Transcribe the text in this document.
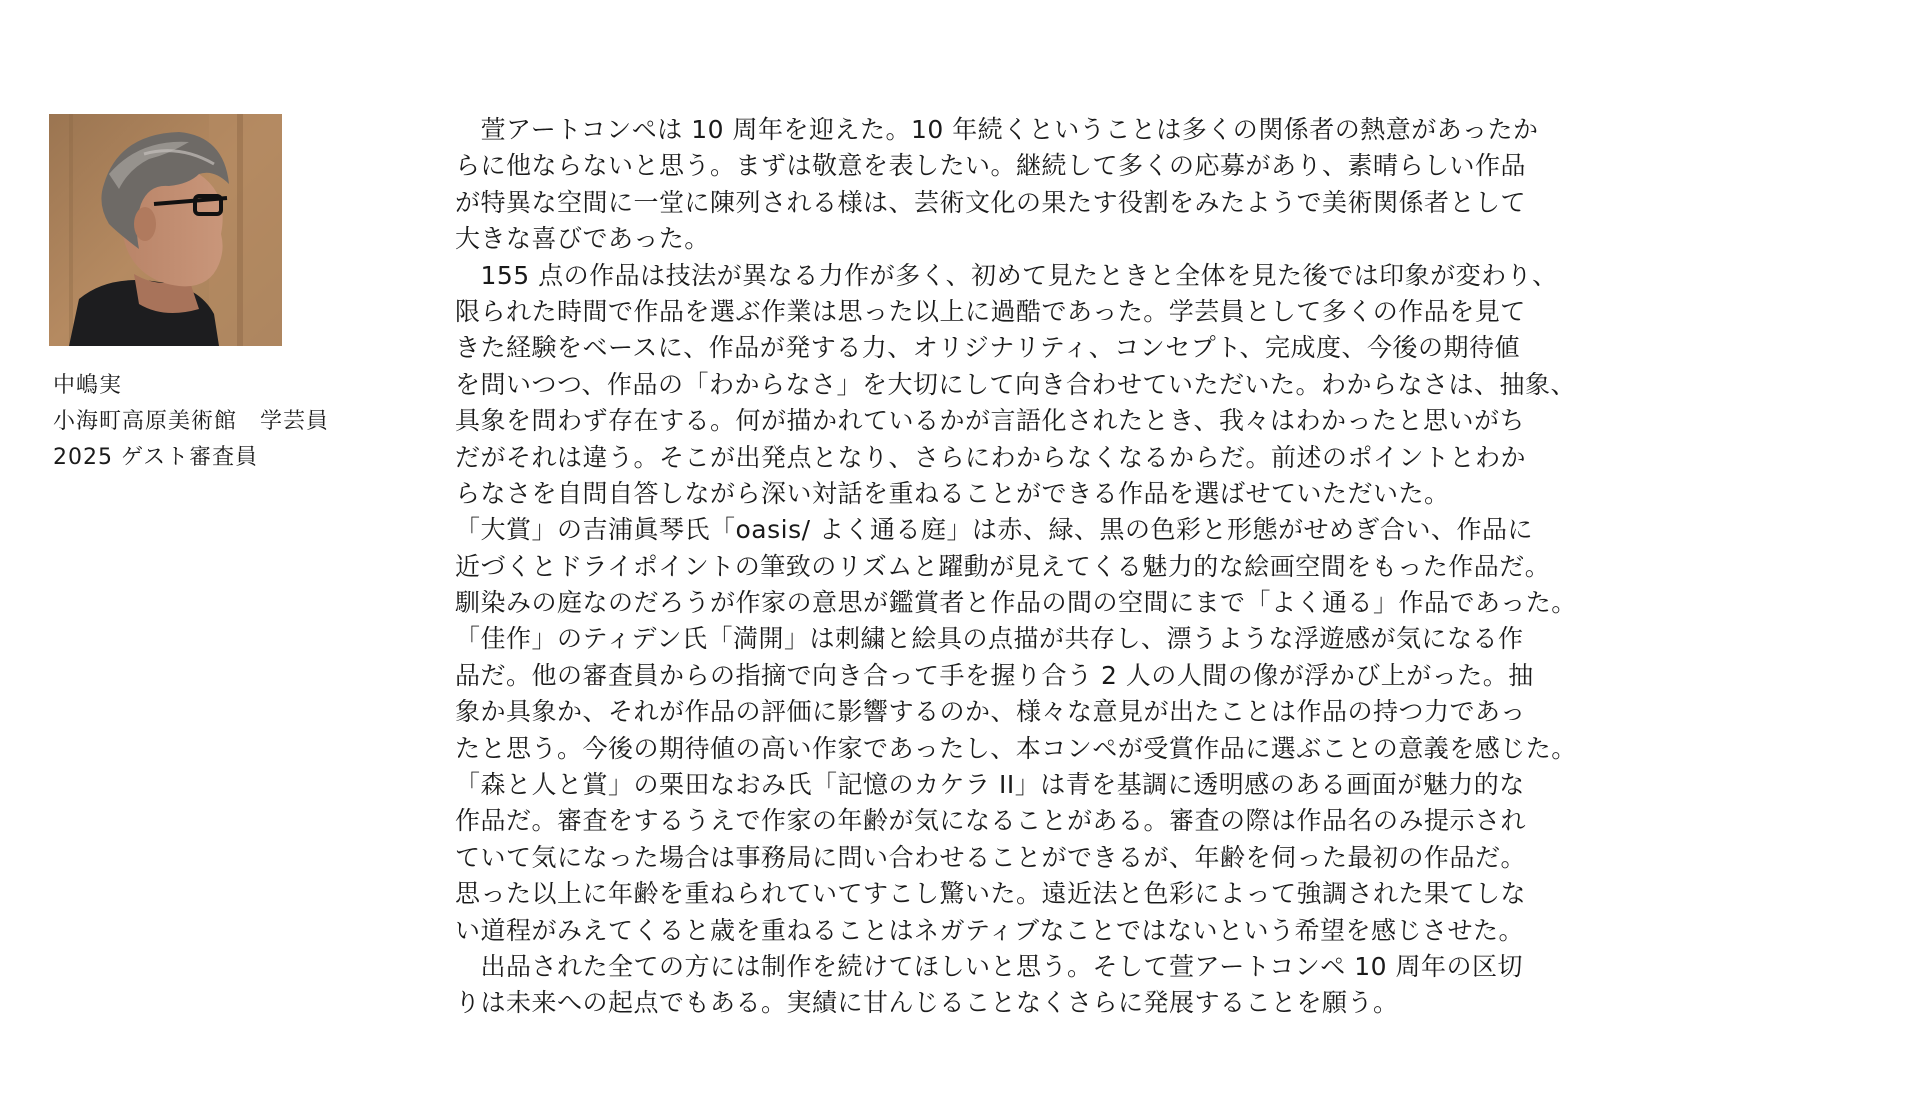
中嶋実
小海町高原美術館　学芸員
2025 ゲスト審査員
　萱アートコンペは 10 周年を迎えた。10 年続くということは多くの関係者の熱意があったか
らに他ならないと思う。まずは敬意を表したい。継続して多くの応募があり、素晴らしい作品
が特異な空間に一堂に陳列される様は、芸術文化の果たす役割をみたようで美術関係者として
大きな喜びであった。
　155 点の作品は技法が異なる力作が多く、初めて見たときと全体を見た後では印象が変わり、
限られた時間で作品を選ぶ作業は思った以上に過酷であった。学芸員として多くの作品を見て
きた経験をベースに、作品が発する力、オリジナリティ、コンセプト、完成度、今後の期待値
を問いつつ、作品の「わからなさ」を大切にして向き合わせていただいた。わからなさは、抽象、
具象を問わず存在する。何が描かれているかが言語化されたとき、我々はわかったと思いがち
だがそれは違う。そこが出発点となり、さらにわからなくなるからだ。前述のポイントとわか
らなさを自問自答しながら深い対話を重ねることができる作品を選ばせていただいた。
「大賞」の吉浦眞琴氏「oasis/ よく通る庭」は赤、緑、黒の色彩と形態がせめぎ合い、作品に
近づくとドライポイントの筆致のリズムと躍動が見えてくる魅力的な絵画空間をもった作品だ。
馴染みの庭なのだろうが作家の意思が鑑賞者と作品の間の空間にまで「よく通る」作品であった。
「佳作」のティデン氏「満開」は刺繍と絵具の点描が共存し、漂うような浮遊感が気になる作
品だ。他の審査員からの指摘で向き合って手を握り合う 2 人の人間の像が浮かび上がった。抽
象か具象か、それが作品の評価に影響するのか、様々な意見が出たことは作品の持つ力であっ
たと思う。今後の期待値の高い作家であったし、本コンペが受賞作品に選ぶことの意義を感じた。
「森と人と賞」の栗田なおみ氏「記憶のカケラ II」は青を基調に透明感のある画面が魅力的な
作品だ。審査をするうえで作家の年齢が気になることがある。審査の際は作品名のみ提示され
ていて気になった場合は事務局に問い合わせることができるが、年齢を伺った最初の作品だ。
思った以上に年齢を重ねられていてすこし驚いた。遠近法と色彩によって強調された果てしな
い道程がみえてくると歳を重ねることはネガティブなことではないという希望を感じさせた。
　出品された全ての方には制作を続けてほしいと思う。そして萱アートコンペ 10 周年の区切
りは未来への起点でもある。実績に甘んじることなくさらに発展することを願う。
